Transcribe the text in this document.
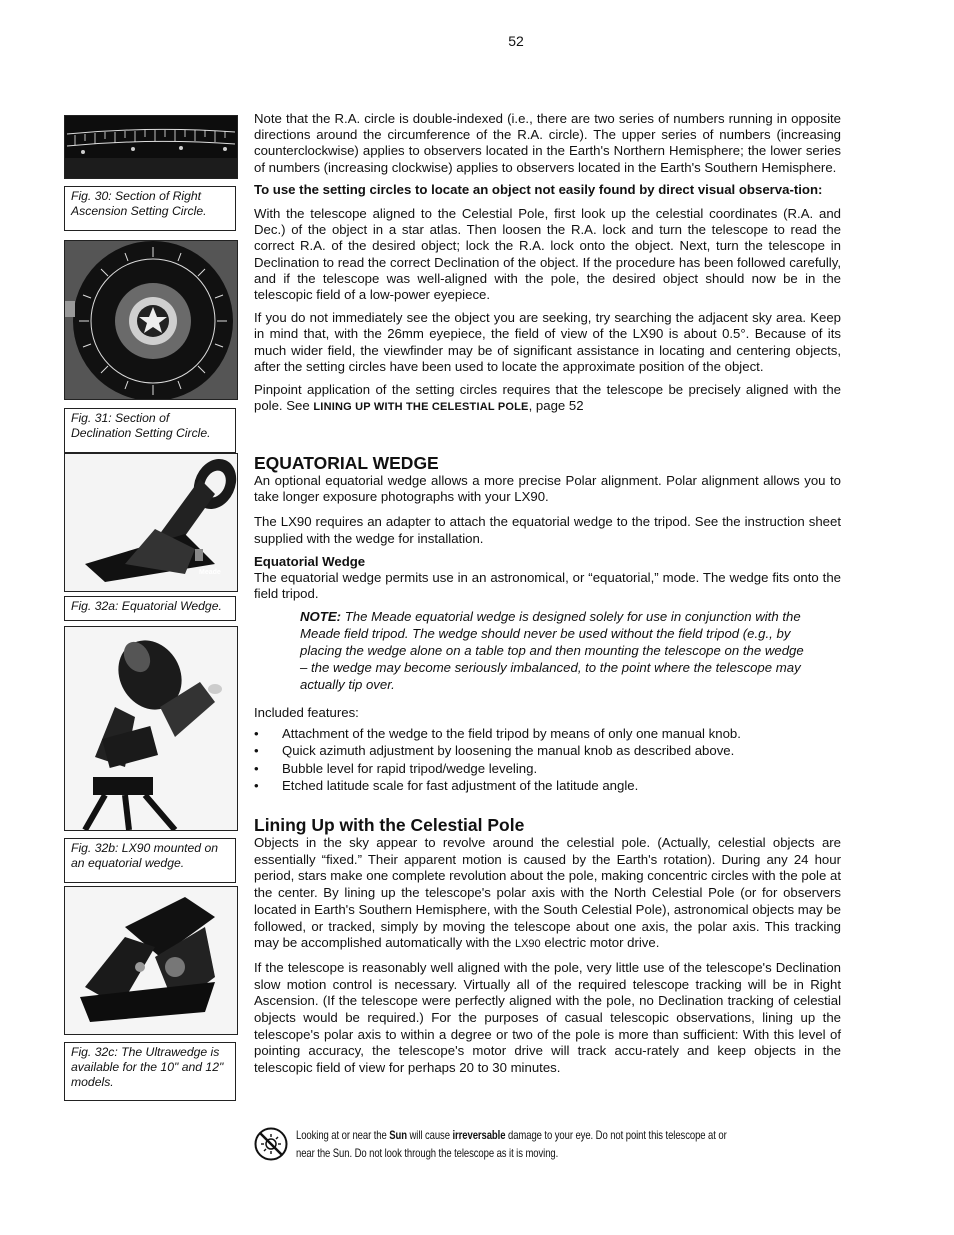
52
Fig. 30: Section of Right Ascension Setting Circle.
Fig. 31: Section of Declination Setting Circle.
Meade
Fig. 32a: Equatorial Wedge.
Fig. 32b: LX90 mounted on an equatorial wedge.
Fig. 32c: The Ultrawedge is available for the 10" and 12" models.

Note that the R.A. circle is double-indexed (i.e., there are two series of numbers running in opposite directions around the circumference of the R.A. circle). The upper series of numbers (increasing counterclockwise) applies to observers located in the Earth's Northern Hemisphere; the lower series of numbers (increasing clockwise) applies to observers located in the Earth's Southern Hemisphere.

To use the setting circles to locate an object not easily found by direct visual observa-tion:

With the telescope aligned to the Celestial Pole, first look up the celestial coordinates (R.A. and Dec.) of the object in a star atlas. Then loosen the R.A. lock and turn the telescope to read the correct R.A. of the desired object; lock the R.A. lock onto the object. Next, turn the telescope in Declination to read the correct Declination of the object. If the procedure has been followed carefully, and if the telescope was well-aligned with the pole, the desired object should now be in the telescopic field of a low-power eyepiece.

If you do not immediately see the object you are seeking, try searching the adjacent sky area. Keep in mind that, with the 26mm eyepiece, the field of view of the LX90 is about 0.5°. Because of its much wider field, the viewfinder may be of significant assistance in locating and centering objects, after the setting circles have been used to locate the approximate position of the object.

Pinpoint application of the setting circles requires that the telescope be precisely aligned with the pole. See LINING UP WITH THE CELESTIAL POLE, page 52

EQUATORIAL WEDGE

An optional equatorial wedge allows a more precise Polar alignment. Polar alignment allows you to take longer exposure photographs with your LX90.

The LX90 requires an adapter to attach the equatorial wedge to the tripod. See the instruction sheet supplied with the wedge for installation.

Equatorial Wedge

The equatorial wedge permits use in an astronomical, or “equatorial,” mode. The wedge fits onto the field tripod.

NOTE: The Meade equatorial wedge is designed solely for use in conjunction with the Meade field tripod. The wedge should never be used without the field tripod (e.g., by placing the wedge alone on a table top and then mounting the telescope on the wedge – the wedge may become seriously imbalanced, to the point where the telescope may actually tip over.

Included features:

• Attachment of the wedge to the field tripod by means of only one manual knob.
• Quick azimuth adjustment by loosening the manual knob as described above.
• Bubble level for rapid tripod/wedge leveling.
• Etched latitude scale for fast adjustment of the latitude angle.
Lining Up with the Celestial Pole

Objects in the sky appear to revolve around the celestial pole. (Actually, celestial objects are essentially “fixed.” Their apparent motion is caused by the Earth's rotation). During any 24 hour period, stars make one complete revolution about the pole, making concentric circles with the pole at the center. By lining up the telescope's polar axis with the North Celestial Pole (or for observers located in Earth's Southern Hemisphere, with the South Celestial Pole), astronomical objects may be followed, or tracked, simply by moving the telescope about one axis, the polar axis. This tracking may be accomplished automatically with the LX90 electric motor drive.

If the telescope is reasonably well aligned with the pole, very little use of the telescope's Declination slow motion control is necessary. Virtually all of the required telescope tracking will be in Right Ascension. (If the telescope were perfectly aligned with the pole, no Declination tracking of celestial objects would be required.) For the purposes of casual telescopic observations, lining up the telescope's polar axis to within a degree or two of the pole is more than sufficient: With this level of pointing accuracy, the telescope's motor drive will track accu-rately and keep objects in the telescopic field of view for perhaps 20 to 30 minutes.

Looking at or near the Sun will cause irreversable damage to your eye. Do not point this telescope at or near the Sun. Do not look through the telescope as it is moving.
